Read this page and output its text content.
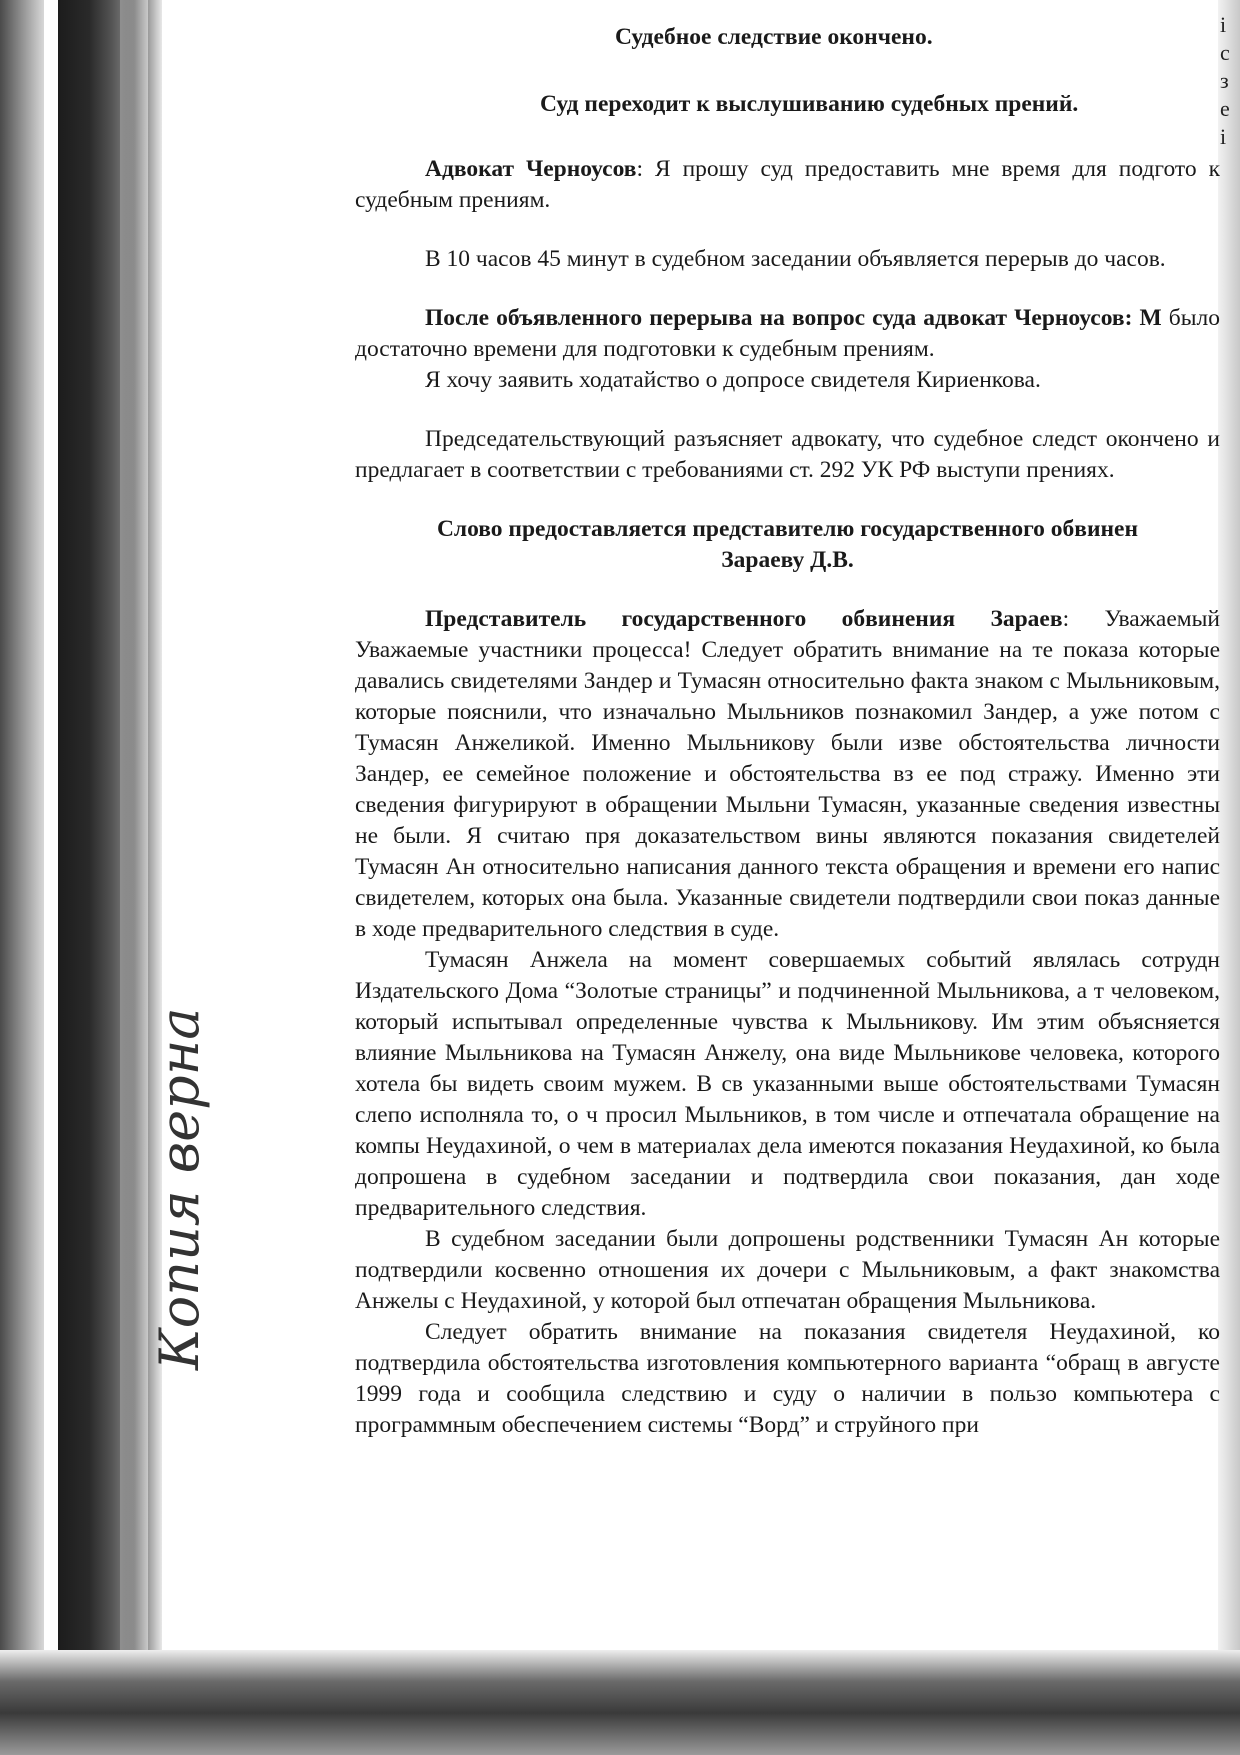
і
с
з
е
і
Копия верна
Судебное следствие окончено.
Суд переходит к выслушиванию судебных прений.

Адвокат Черноусов: Я прошу суд предоставить мне время для подгото к судебным прениям.

В 10 часов 45 минут в судебном заседании объявляется перерыв до часов.

После объявленного перерыва на вопрос суда адвокат Черноусов: М было достаточно времени для подготовки к судебным прениям.

Я хочу заявить ходатайство о допросе свидетеля Кириенкова.

Председательствующий разъясняет адвокату, что судебное следст окончено и предлагает в соответствии с требованиями ст. 292 УК РФ выступи прениях.

Слово предоставляется представителю государственного обвинен
Зараеву Д.В.

Представитель государственного обвинения Зараев: Уважаемый Уважаемые участники процесса! Следует обратить внимание на те показа которые давались свидетелями Зандер и Тумасян относительно факта знаком с Мыльниковым, которые пояснили, что изначально Мыльников познакомил Зандер, а уже потом с Тумасян Анжеликой. Именно Мыльникову были изве обстоятельства личности Зандер, ее семейное положение и обстоятельства вз ее под стражу. Именно эти сведения фигурируют в обращении Мыльни Тумасян, указанные сведения известны не были. Я считаю пря доказательством вины являются показания свидетелей Тумасян Ан относительно написания данного текста обращения и времени его напис свидетелем, которых она была. Указанные свидетели подтвердили свои показ данные в ходе предварительного следствия в суде.

Тумасян Анжела на момент совершаемых событий являлась сотрудн Издательского Дома “Золотые страницы” и подчиненной Мыльникова, а т человеком, который испытывал определенные чувства к Мыльникову. Им этим объясняется влияние Мыльникова на Тумасян Анжелу, она виде Мыльникове человека, которого хотела бы видеть своим мужем. В св указанными выше обстоятельствами Тумасян слепо исполняла то, о ч просил Мыльников, в том числе и отпечатала обращение на компы Неудахиной, о чем в материалах дела имеются показания Неудахиной, ко была допрошена в судебном заседании и подтвердила свои показания, дан ходе предварительного следствия.

В судебном заседании были допрошены родственники Тумасян Ан которые подтвердили косвенно отношения их дочери с Мыльниковым, а факт знакомства Анжелы с Неудахиной, у которой был отпечатан обращения Мыльникова.

Следует обратить внимание на показания свидетеля Неудахиной, ко подтвердила обстоятельства изготовления компьютерного варианта “обращ в августе 1999 года и сообщила следствию и суду о наличии в пользо компьютера с программным обеспечением системы “Ворд” и струйного при
